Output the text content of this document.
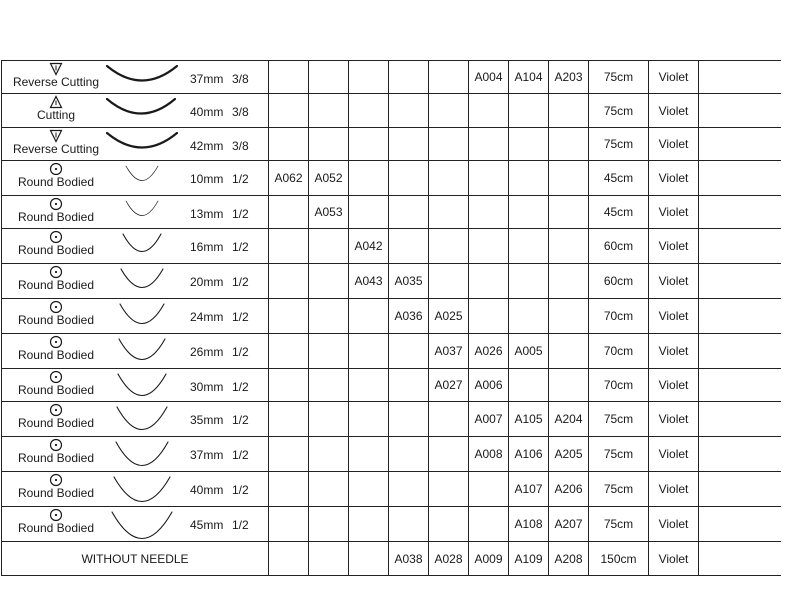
Reverse Cutting 37mm 3/8						A004	A104	A203	75cm	Violet	

Cutting 40mm 3/8									75cm	Violet	

Reverse Cutting 42mm 3/8									75cm	Violet	

Round Bodied 10mm 1/2	A062	A052							45cm	Violet	

Round Bodied 13mm 1/2		A053							45cm	Violet	

Round Bodied 16mm 1/2			A042						60cm	Violet	

Round Bodied 20mm 1/2			A043	A035					60cm	Violet	

Round Bodied 24mm 1/2				A036	A025				70cm	Violet	

Round Bodied 26mm 1/2					A037	A026	A005		70cm	Violet	

Round Bodied 30mm 1/2					A027	A006			70cm	Violet	

Round Bodied 35mm 1/2						A007	A105	A204	75cm	Violet	

Round Bodied 37mm 1/2						A008	A106	A205	75cm	Violet	

Round Bodied 40mm 1/2							A107	A206	75cm	Violet	

Round Bodied 45mm 1/2							A108	A207	75cm	Violet	

WITHOUT NEEDLE				A038	A028	A009	A109	A208	150cm	Violet	
